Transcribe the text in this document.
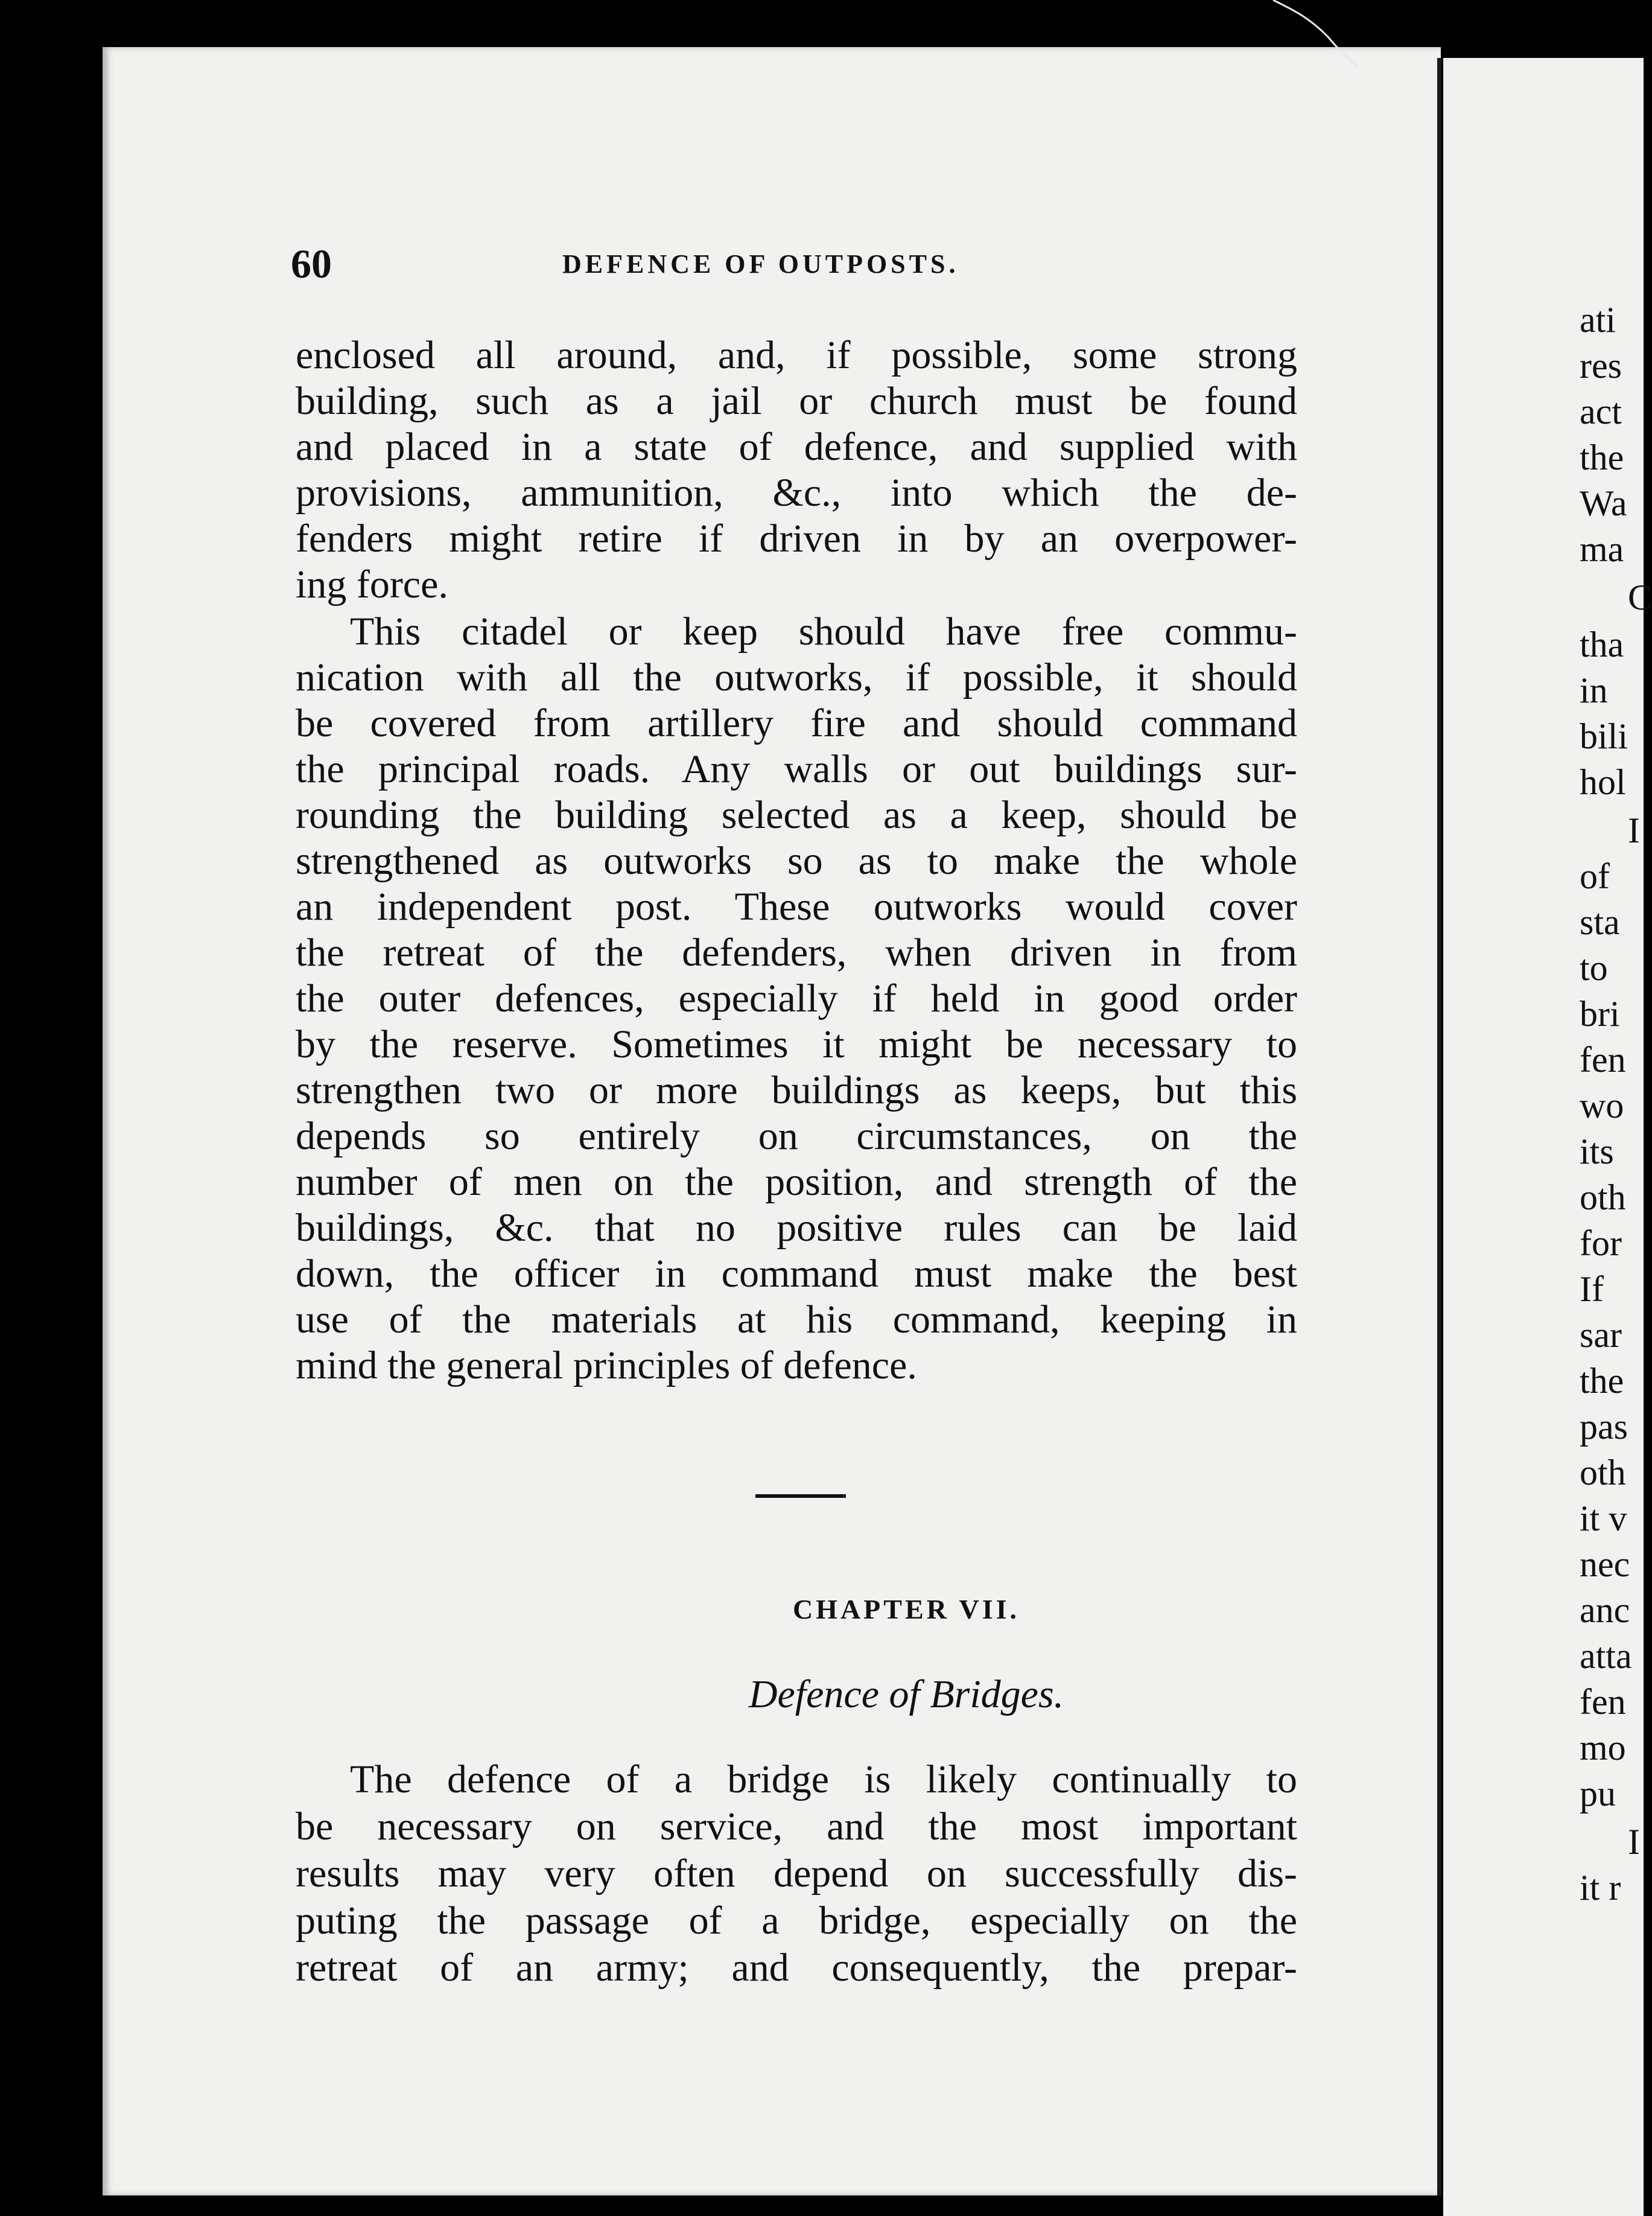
60	DEFENCE OF OUTPOSTS.
enclosed all around, and, if possible, some strong
building, such as a jail or church must be found
and placed in a state of defence, and supplied with
provisions, ammunition, &c., into which the de-
fenders might retire if driven in by an overpower-
ing force.
This citadel or keep should have free commu-
nication with all the outworks, if possible, it should
be covered from artillery fire and should command
the principal roads. Any walls or out buildings sur-
rounding the building selected as a keep, should be
strengthened as outworks so as to make the whole
an independent post. These outworks would cover
the retreat of the defenders, when driven in from
the outer defences, especially if held in good order
by the reserve. Sometimes it might be necessary to
strengthen two or more buildings as keeps, but this
depends so entirely on circumstances, on the
number of men on the position, and strength of the
buildings, &c. that no positive rules can be laid
down, the officer in command must make the best
use of the materials at his command, keeping in
mind the general principles of defence.
CHAPTER VII.
Defence of Bridges.
The defence of a bridge is likely continually to
be necessary on service, and the most important
results may very often depend on successfully dis-
puting the passage of a bridge, especially on the
retreat of an army; and consequently, the prepar-
ati
res
act
the
Wa
ma
C
tha
in
bili
hol
I
of
sta
to
bri
fen
wo
its
oth
for
If
sar
the
pas
oth
it v
nec
anc
atta
fen
mo
pu
I
it r
